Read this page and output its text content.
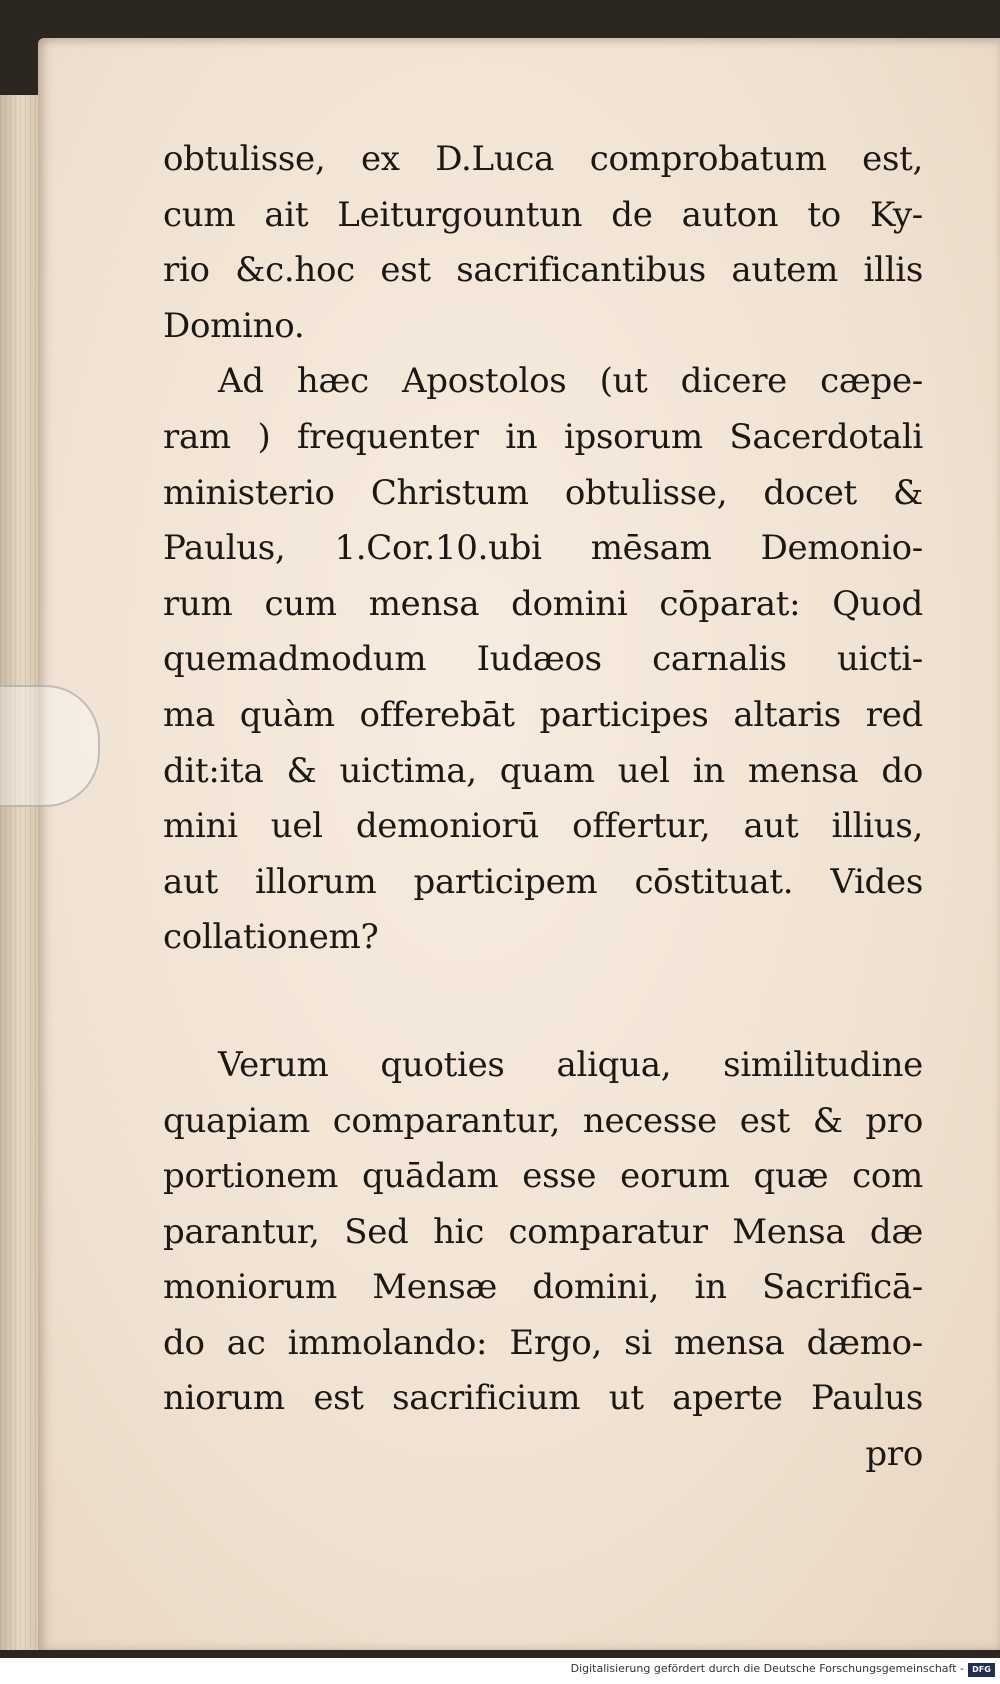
obtulisse, ex D.Luca comprobatum est,
cum ait Leiturgountun de auton to Ky-
rio &c.hoc est sacrificantibus autem illis
Domino.
Ad hæc Apostolos (ut dicere cæpe-
ram ) frequenter in ipsorum Sacerdotali
ministerio Christum obtulisse, docet &
Paulus, 1.Cor.10.ubi mēsam Demonio-
rum cum mensa domini cōparat: Quod
quemadmodum Iudæos carnalis uicti-
ma quàm offerebāt participes altaris red
dit:ita & uictima, quam uel in mensa do
mini uel demoniorū offertur, aut illius,
aut illorum participem cōstituat. Vides
collationem?
Verum quoties aliqua, similitudine
quapiam comparantur, necesse est & pro
portionem quādam esse eorum quæ com
parantur, Sed hic comparatur Mensa dæ
moniorum Mensæ domini, in Sacrificā-
do ac immolando: Ergo, si mensa dæmo-
niorum est sacrificium ut aperte Paulus
pro
Digitalisierung gefördert durch die Deutsche Forschungsgemeinschaft -	DFG
